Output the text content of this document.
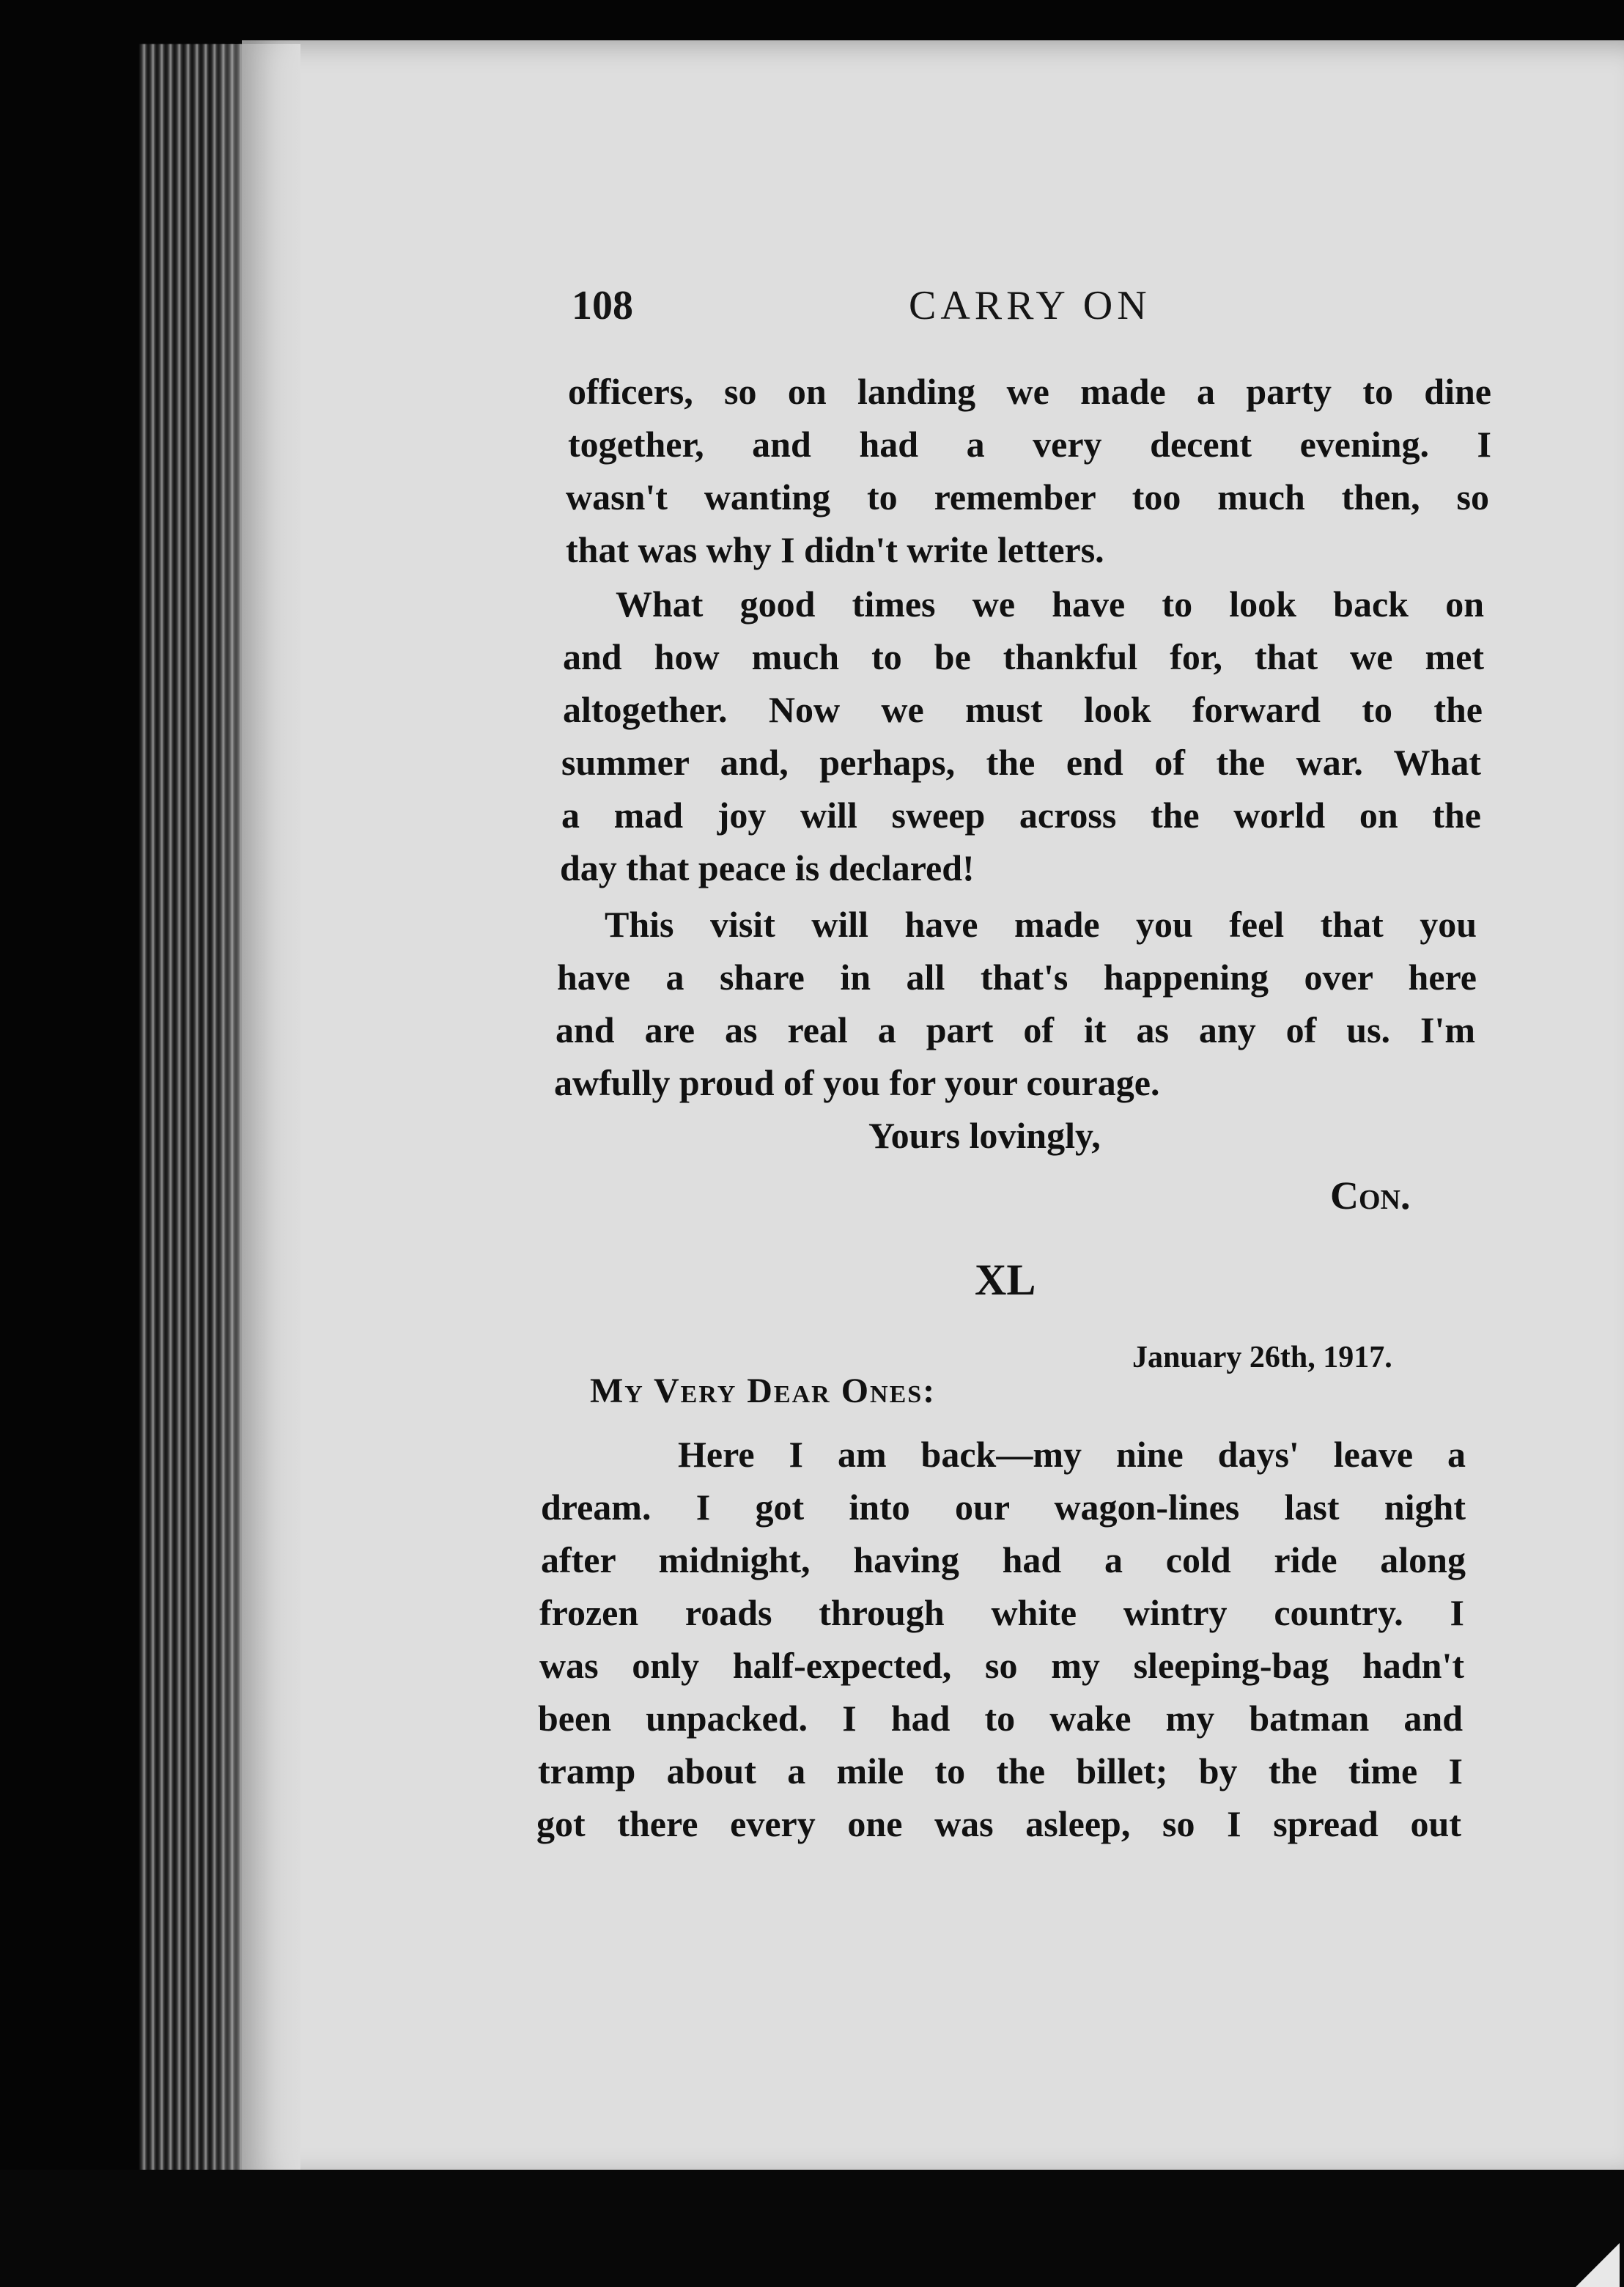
108	CARRY ON
officers, so on landing we made a party to dine
together, and had a very decent evening. I
wasn't wanting to remember too much then, so
that was why I didn't write letters.
What good times we have to look back on
and how much to be thankful for, that we met
altogether. Now we must look forward to the
summer and, perhaps, the end of the war. What
a mad joy will sweep across the world on the
day that peace is declared!
This visit will have made you feel that you
have a share in all that's happening over here
and are as real a part of it as any of us. I'm
awfully proud of you for your courage.
Yours lovingly,
Con.
XL
January 26th, 1917.
My Very Dear Ones:
Here I am back—my nine days' leave a
dream. I got into our wagon-lines last night
after midnight, having had a cold ride along
frozen roads through white wintry country. I
was only half-expected, so my sleeping-bag hadn't
been unpacked. I had to wake my batman and
tramp about a mile to the billet; by the time I
got there every one was asleep, so I spread out
